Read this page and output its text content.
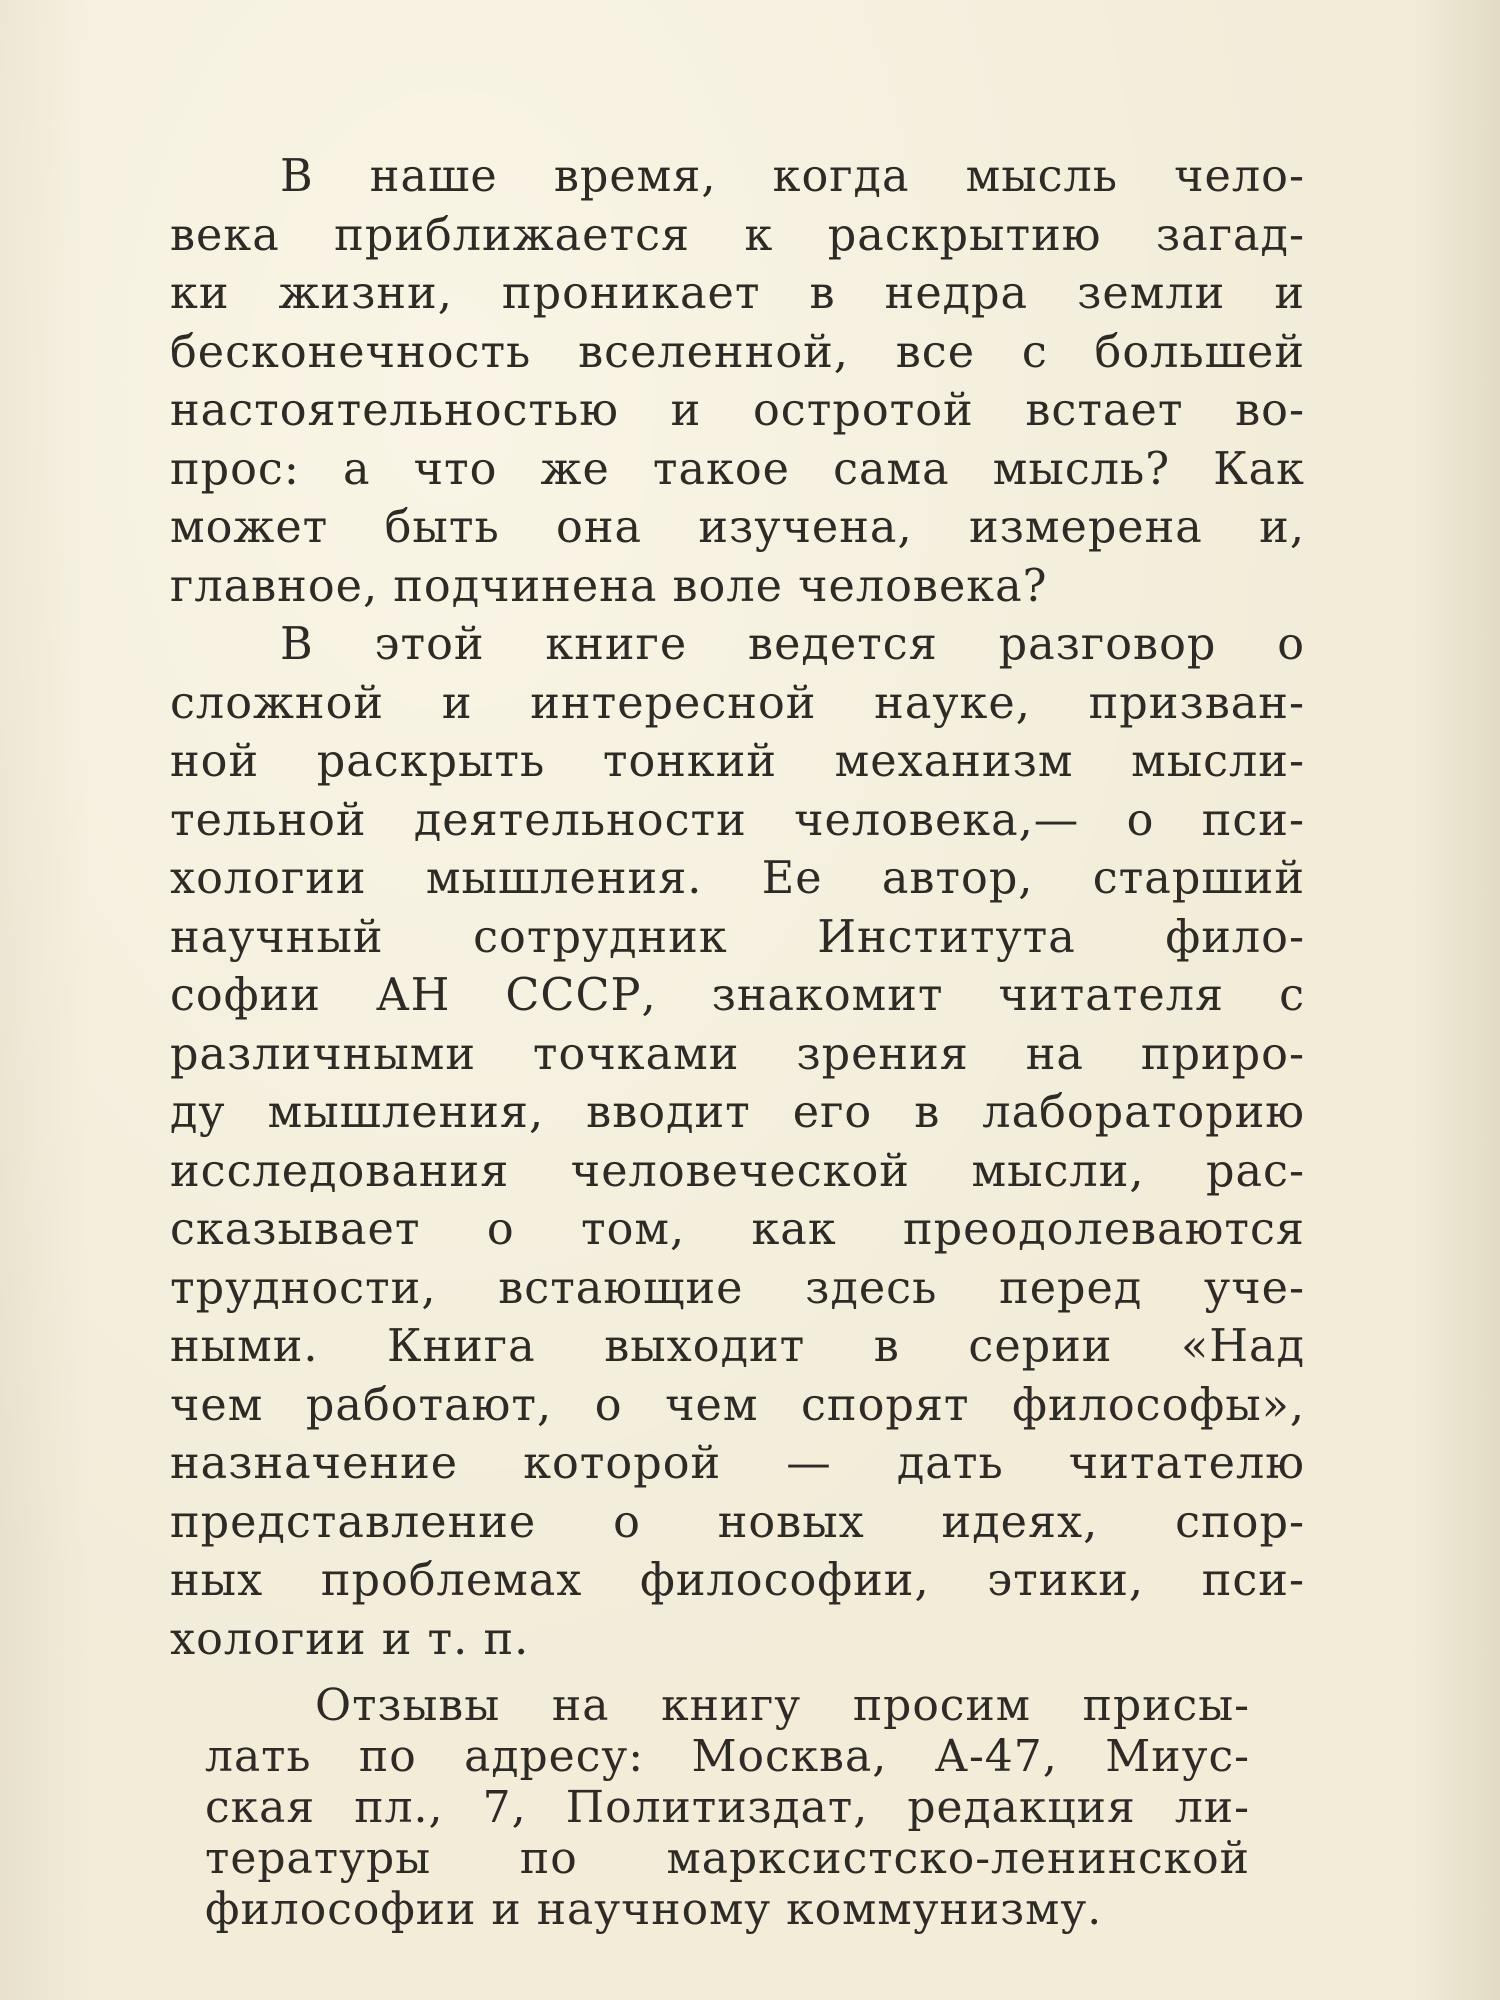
В наше время, когда мысль чело-
века приближается к раскрытию загад-
ки жизни, проникает в недра земли и
бесконечность вселенной, все с большей
настоятельностью и остротой встает во-
прос: а что же такое сама мысль? Как
может быть она изучена, измерена и,
главное, подчинена воле человека?
В этой книге ведется разговор о
сложной и интересной науке, призван-
ной раскрыть тонкий механизм мысли-
тельной деятельности человека,— о пси-
хологии мышления. Ее автор, старший
научный сотрудник Института фило-
софии АН СССР, знакомит читателя с
различными точками зрения на приро-
ду мышления, вводит его в лабораторию
исследования человеческой мысли, рас-
сказывает о том, как преодолеваются
трудности, встающие здесь перед уче-
ными. Книга выходит в серии «Над
чем работают, о чем спорят философы»,
назначение которой — дать читателю
представление о новых идеях, спор-
ных проблемах философии, этики, пси-
хологии и т. п.
Отзывы на книгу просим присы-
лать по адресу: Москва, А-47, Миус-
ская пл., 7, Политиздат, редакция ли-
тературы по марксистско-ленинской
философии и научному коммунизму.
